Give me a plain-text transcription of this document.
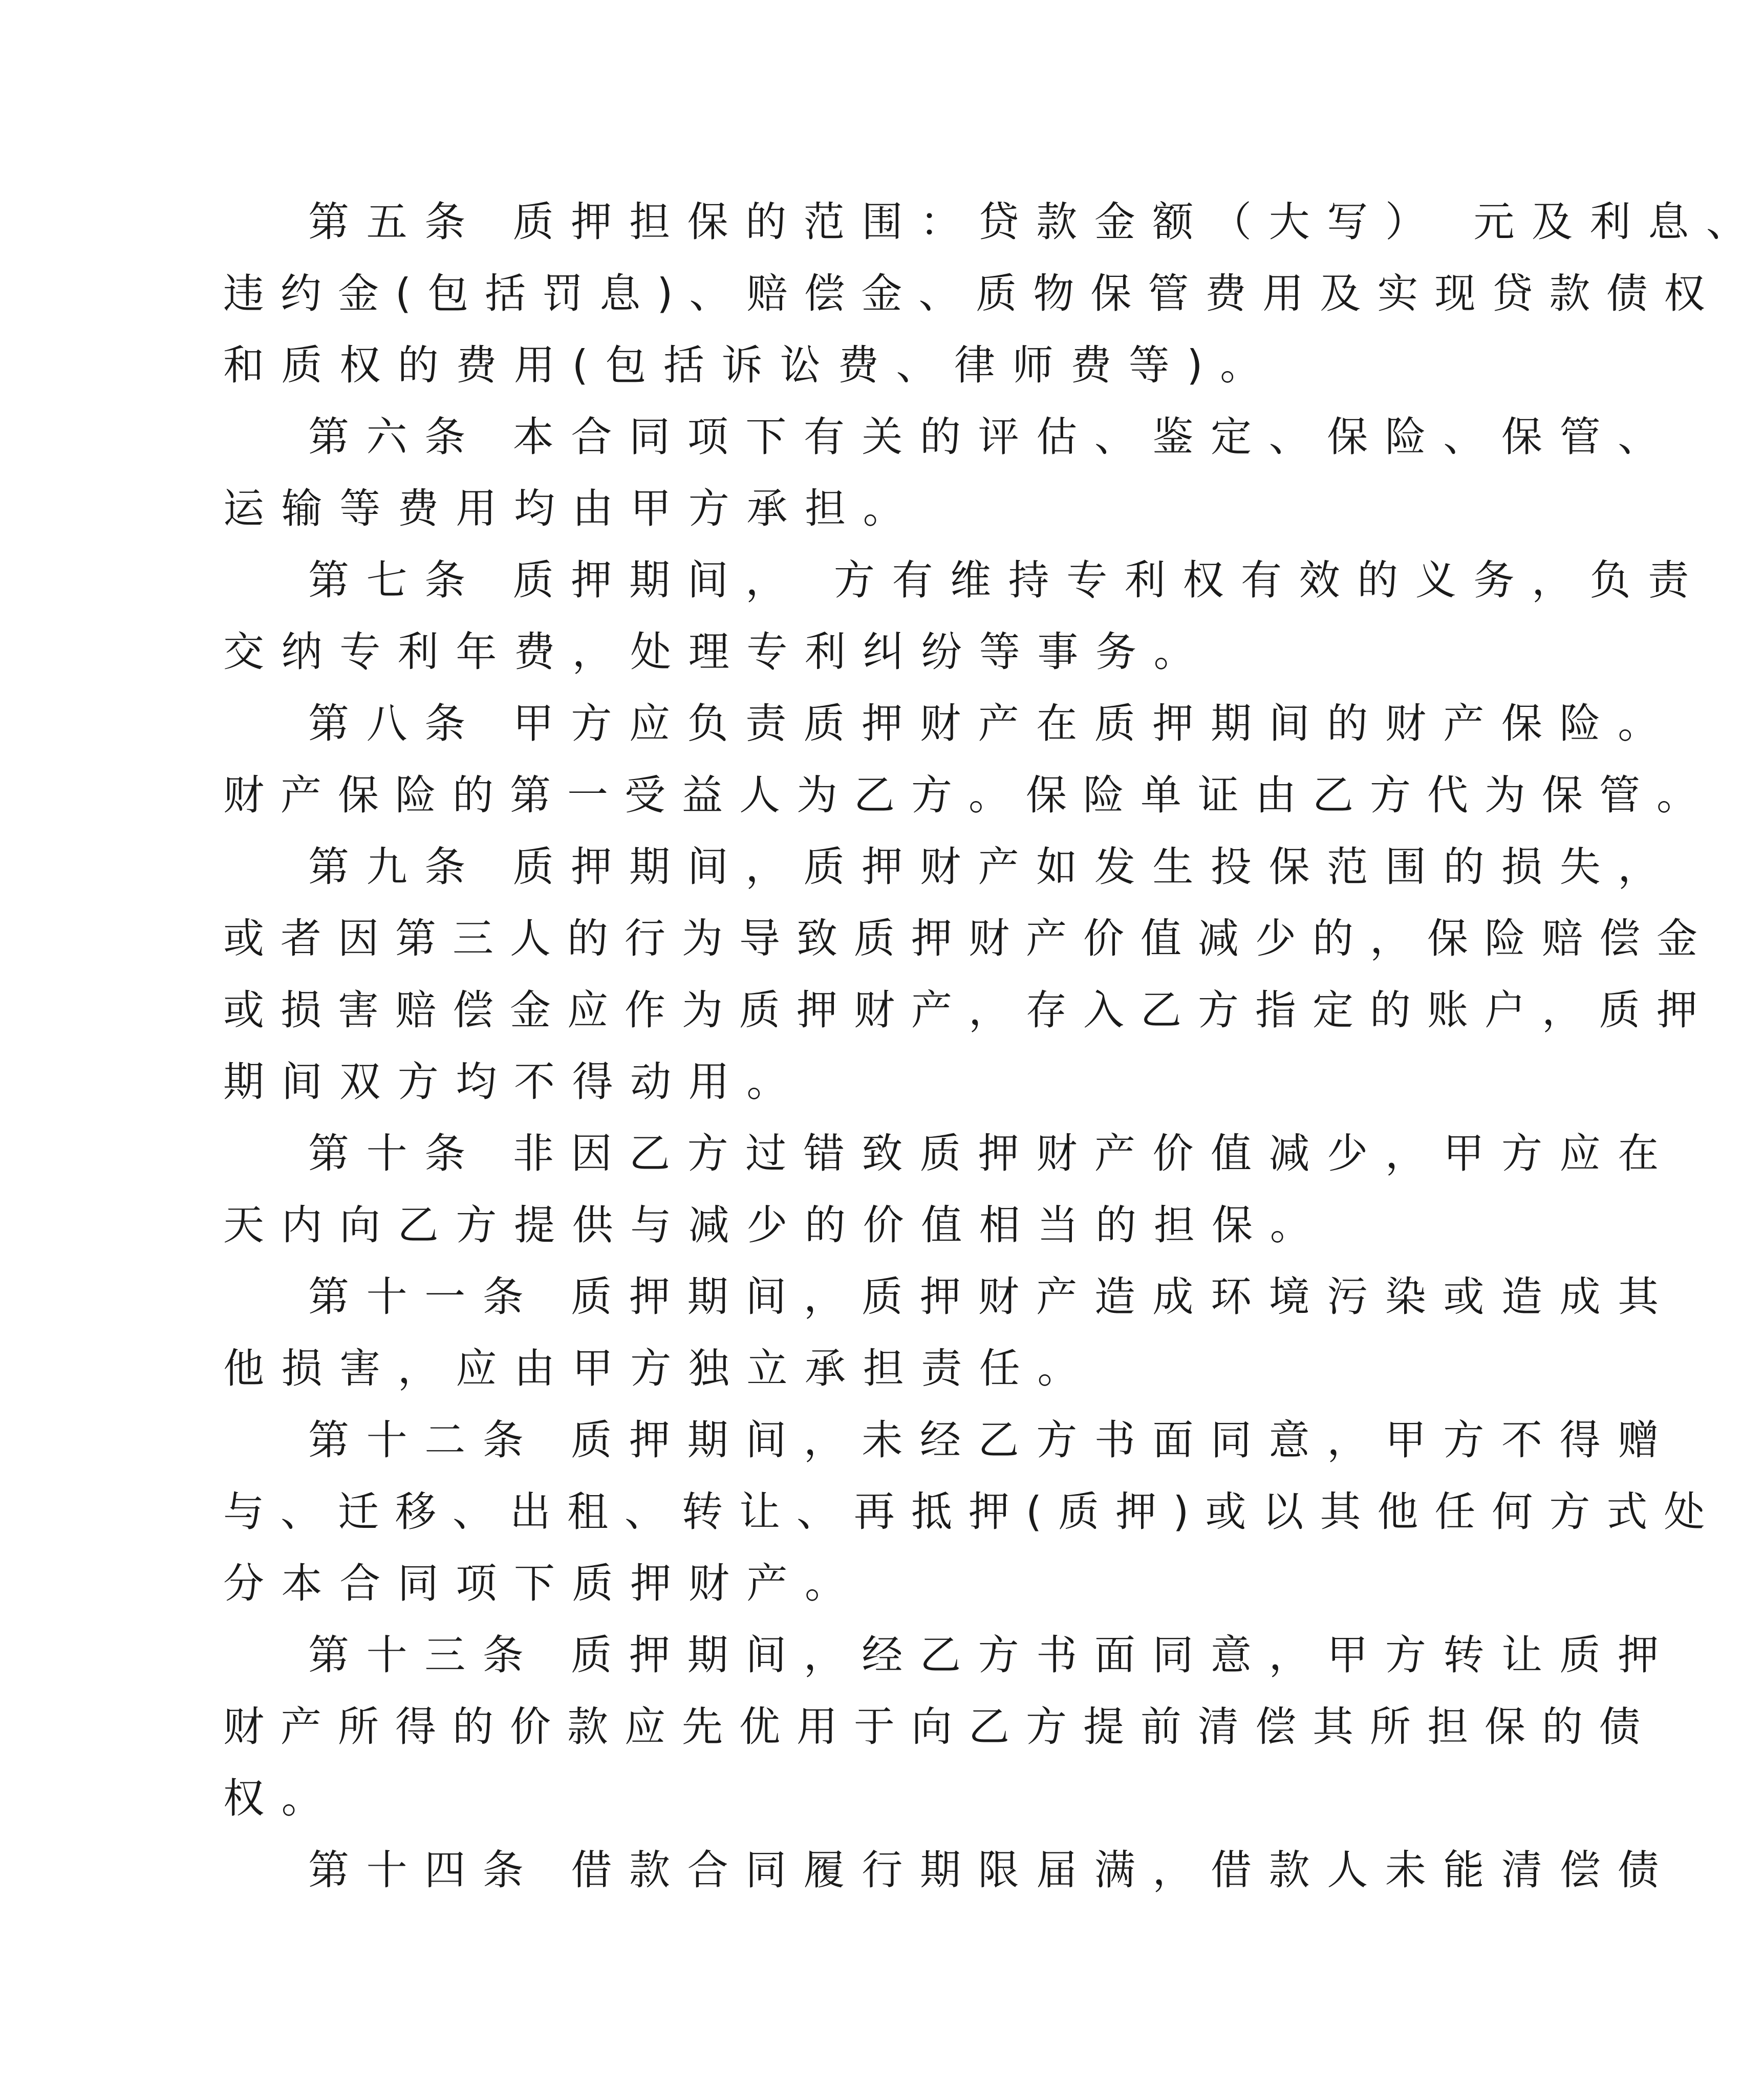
第五条 质押担保的范围：贷款金额（大写） 元及利息、

违约金(包括罚息)、赔偿金、质物保管费用及实现贷款债权

和质权的费用(包括诉讼费、律师费等)。

第六条 本合同项下有关的评估、鉴定、保险、保管、

运输等费用均由甲方承担。

第七条 质押期间， 方有维持专利权有效的义务，负责

交纳专利年费，处理专利纠纷等事务。

第八条 甲方应负责质押财产在质押期间的财产保险。

财产保险的第一受益人为乙方。保险单证由乙方代为保管。

第九条 质押期间，质押财产如发生投保范围的损失，

或者因第三人的行为导致质押财产价值减少的，保险赔偿金

或损害赔偿金应作为质押财产，存入乙方指定的账户，质押

期间双方均不得动用。

第十条 非因乙方过错致质押财产价值减少，甲方应在

天内向乙方提供与减少的价值相当的担保。

第十一条 质押期间，质押财产造成环境污染或造成其

他损害，应由甲方独立承担责任。

第十二条 质押期间，未经乙方书面同意，甲方不得赠

与、迁移、出租、转让、再抵押(质押)或以其他任何方式处

分本合同项下质押财产。

第十三条 质押期间，经乙方书面同意，甲方转让质押

财产所得的价款应先优用于向乙方提前清偿其所担保的债

权。

第十四条 借款合同履行期限届满，借款人未能清偿债
